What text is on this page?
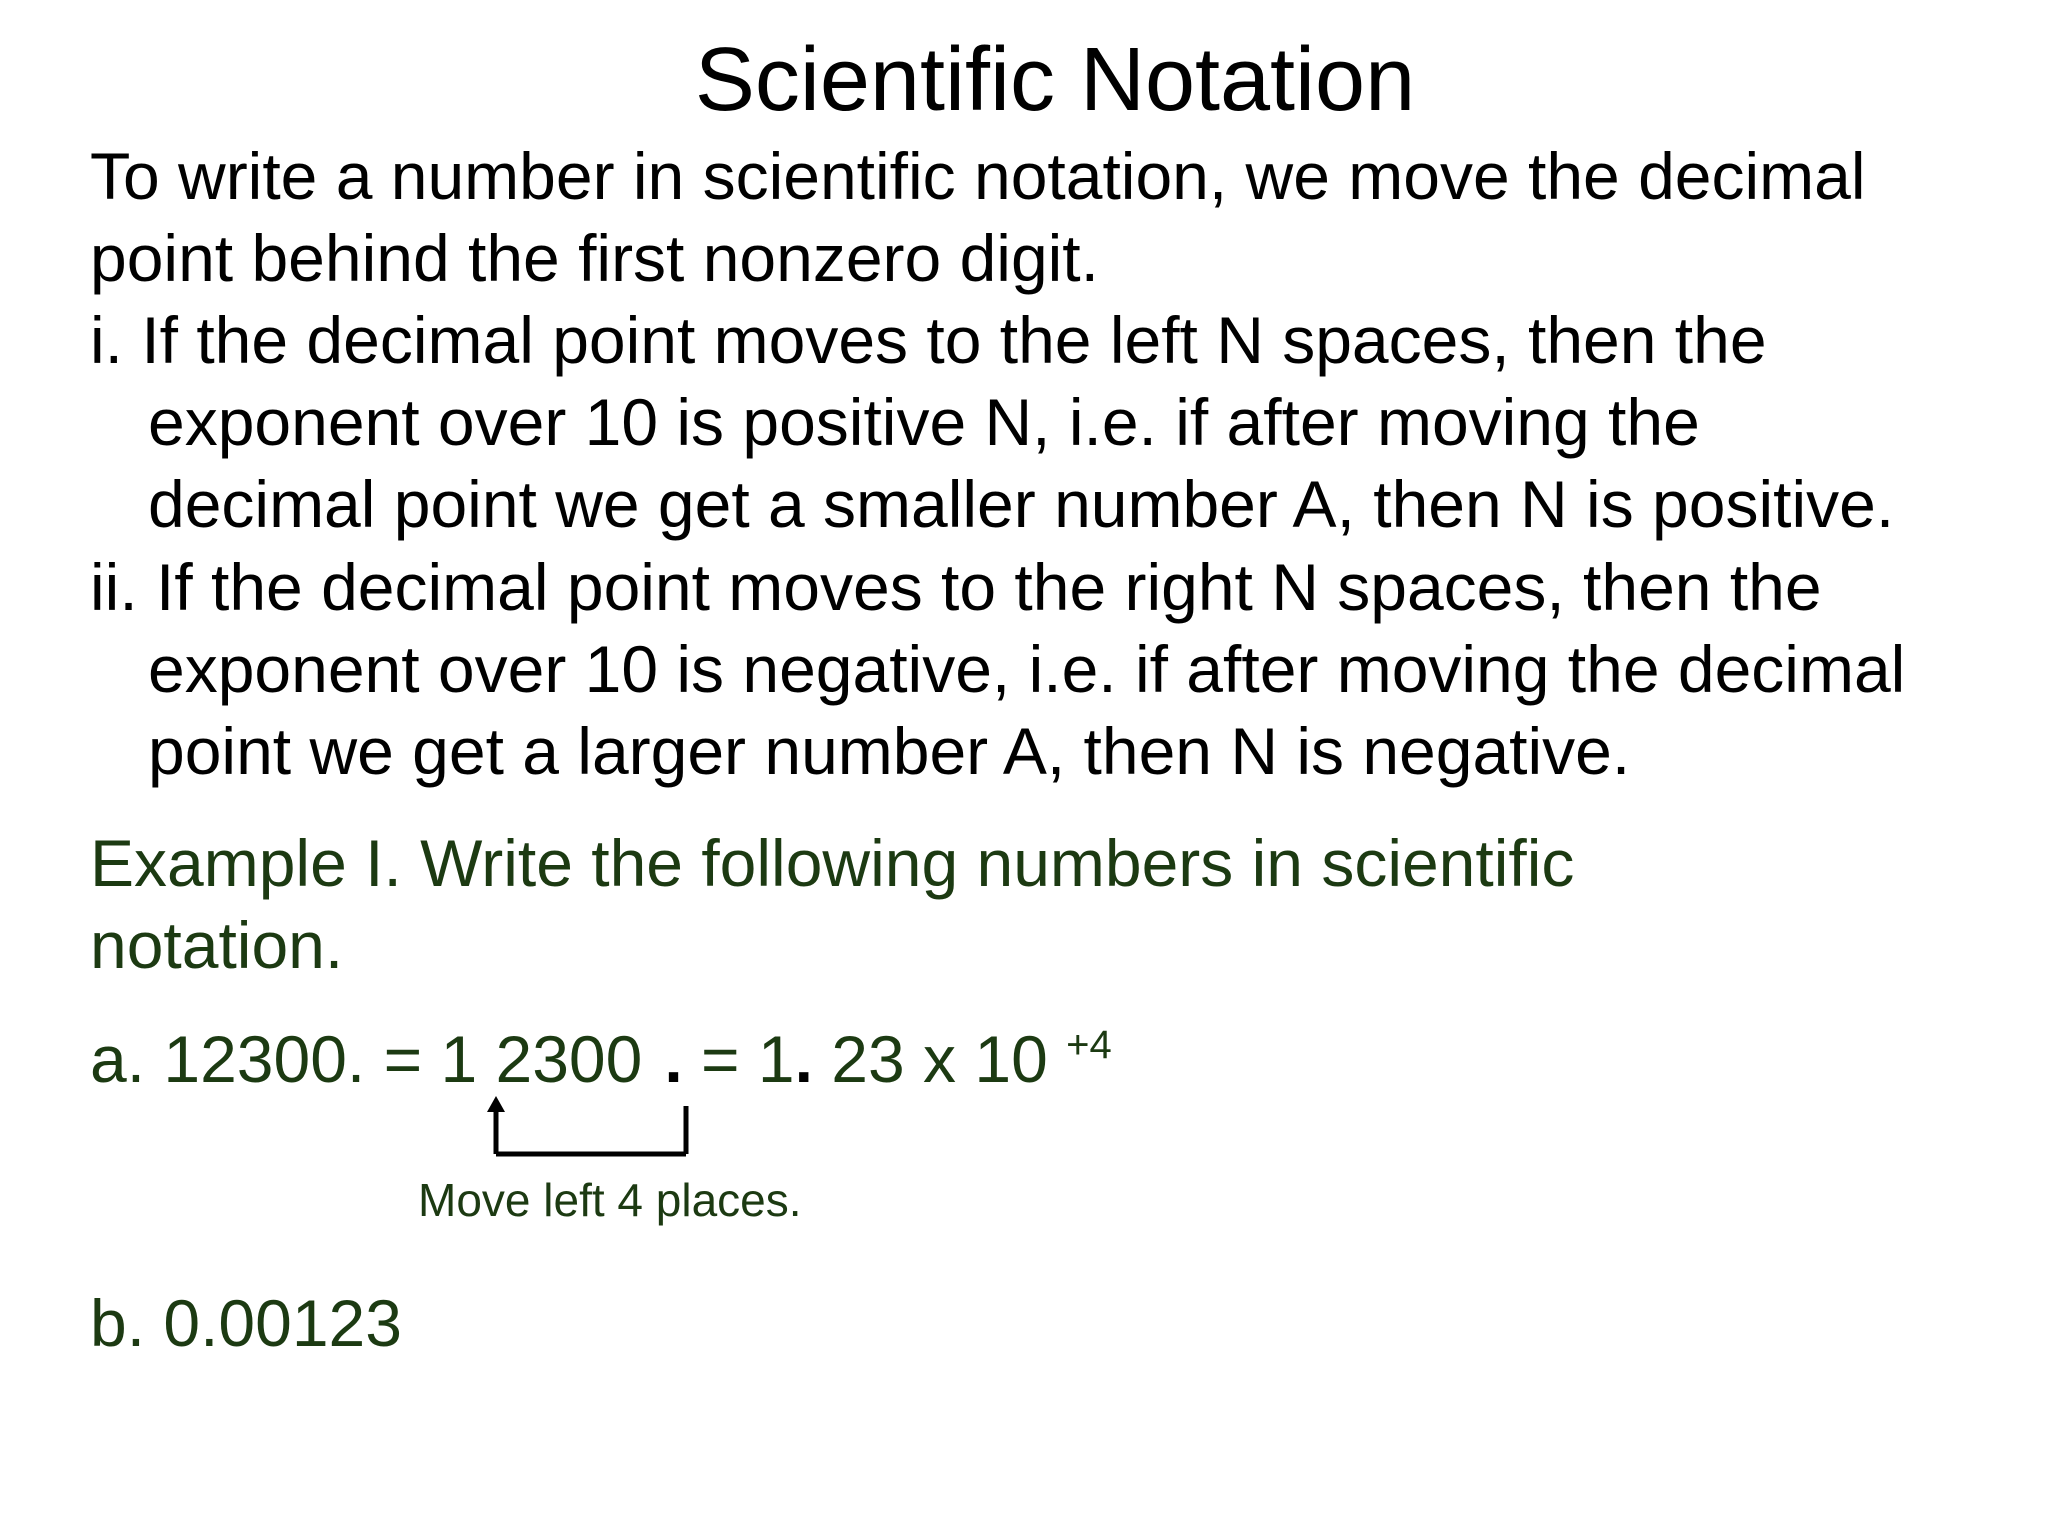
Scientific Notation
To write a number in scientific notation, we move the decimal
point behind the first nonzero digit.
i. If the decimal point moves to the left N spaces, then the
exponent over 10 is positive N, i.e. if after moving the
decimal point we get a smaller number A, then N is positive.
ii. If the decimal point moves to the right N spaces, then the
exponent over 10 is negative, i.e. if after moving the decimal
point we get a larger number A, then N is negative.
Example I. Write the following numbers in scientific
notation.
a. 12300. = 1 2300 . = 1. 23 x 10 $^{+4}$
Move left 4 places.
b. 0.00123
